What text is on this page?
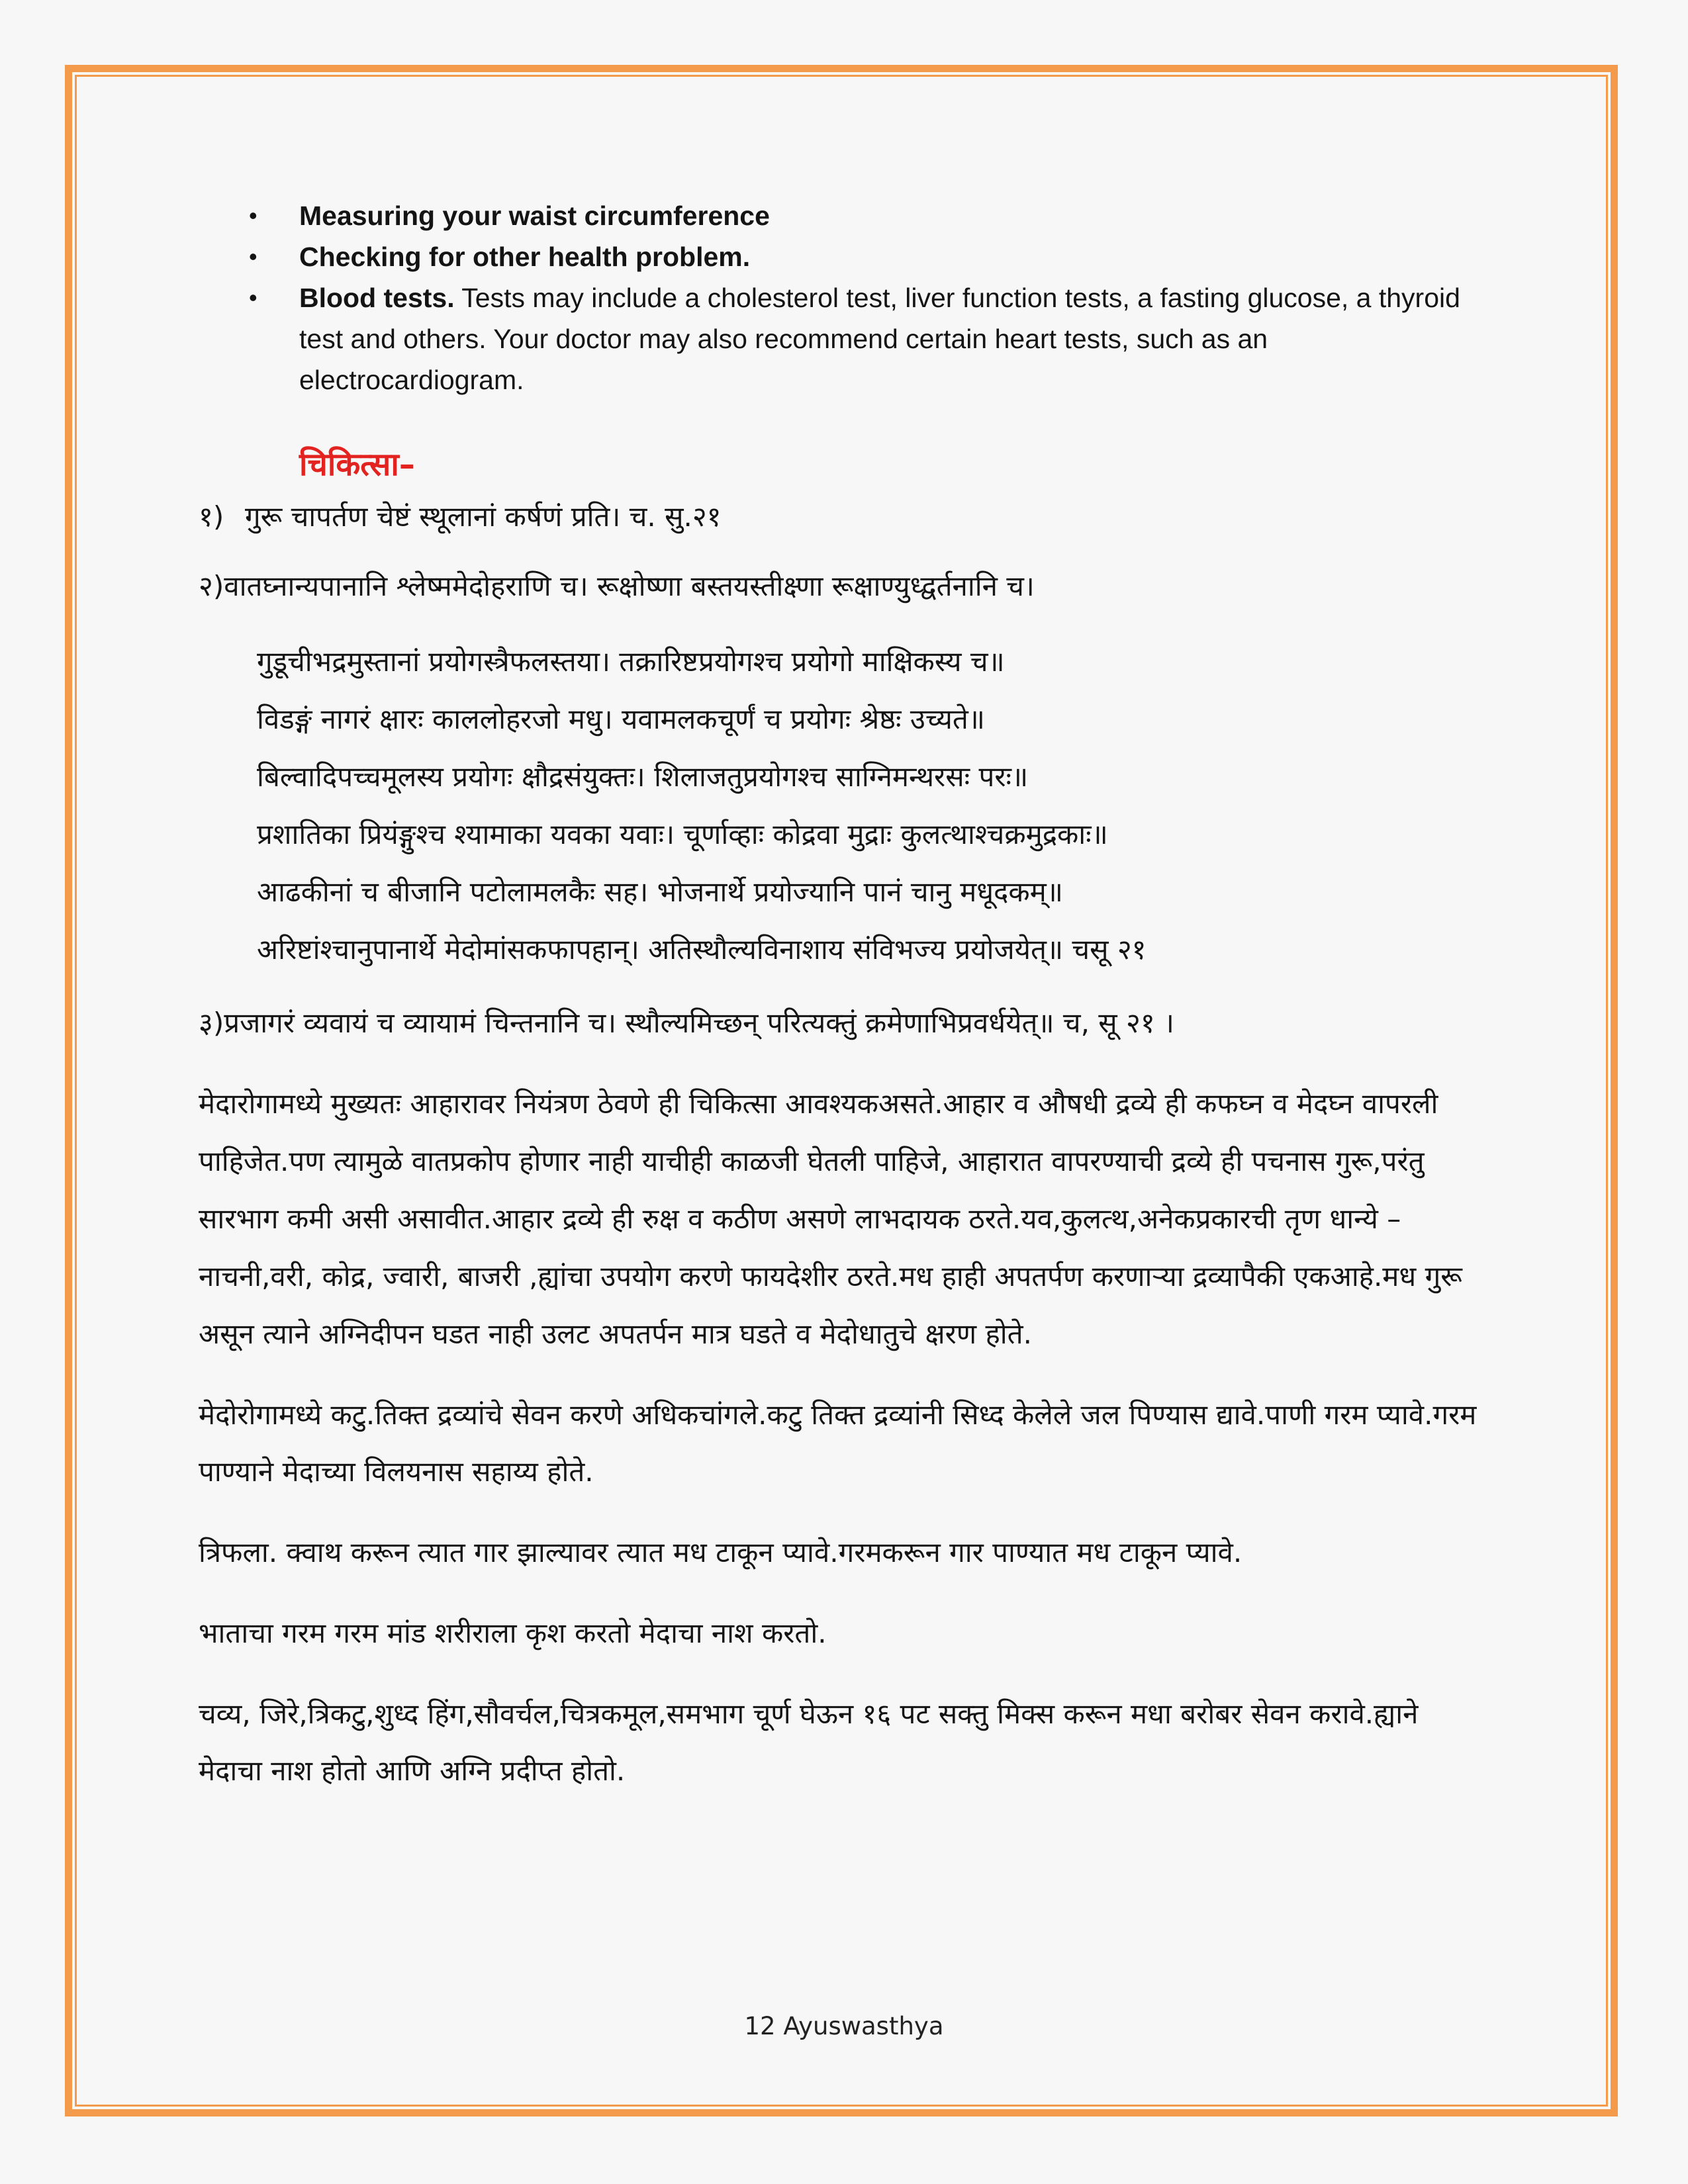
• Measuring your waist circumference
• Checking for other health problem.
• Blood tests. Tests may include a cholesterol test, liver function tests, a fasting glucose, a thyroid test and others. Your doctor may also recommend certain heart tests, such as an electrocardiogram.
चिकित्सा–
१) गुरू चापर्तण चेष्टं स्थूलानां कर्षणं प्रति। च. सु.२१

२)वातघ्नान्यपानानि श्लेष्ममेदोहराणि च। रूक्षोष्णा बस्तयस्तीक्ष्णा रूक्षाण्युध्द्वर्तनानि च।

गुडूचीभद्रमुस्तानां प्रयोगस्त्रैफलस्तया। तक्रारिष्टप्रयोगश्च प्रयोगो माक्षिकस्य च॥

विडङ्गं नागरं क्षारः काललोहरजो मधु। यवामलकचूर्णं च प्रयोगः श्रेष्ठः उच्यते॥

बिल्वादिपच्चमूलस्य प्रयोगः क्षौद्रसंयुक्तः। शिलाजतुप्रयोगश्च साग्निमन्थरसः परः॥

प्रशातिका प्रियंङ्गुश्च श्यामाका यवका यवाः। चूर्णाव्हाः कोद्रवा मुद्राः कुलत्थाश्चक्रमुद्रकाः॥

आढकीनां च बीजानि पटोलामलकैः सह। भोजनार्थे प्रयोज्यानि पानं चानु मधूदकम्॥

अरिष्टांश्चानुपानार्थे मेदोमांसकफापहान्। अतिस्थौल्यविनाशाय संविभज्य प्रयोजयेत्॥ चसू २१

३)प्रजागरं व्यवायं च व्यायामं चिन्तनानि च। स्थौल्यमिच्छन् परित्यक्तुं क्रमेणाभिप्रवर्धयेत्॥ च, सू २१ ।

मेदारोगामध्ये मुख्यतः आहारावर नियंत्रण ठेवणे ही चिकित्सा आवश्यकअसते.आहार व औषधी द्रव्ये ही कफघ्न व मेदघ्न वापरली पाहिजेत.पण त्यामुळे वातप्रकोप होणार नाही याचीही काळजी घेतली पाहिजे, आहारात वापरण्याची द्रव्ये ही पचनास गुरू,परंतु सारभाग कमी असी असावीत.आहार द्रव्ये ही रुक्ष व कठीण असणे लाभदायक ठरते.यव,कुलत्थ,अनेकप्रकारची तृण धान्ये –नाचनी,वरी, कोद्र, ज्वारी, बाजरी ,ह्यांचा उपयोग करणे फायदेशीर ठरते.मध हाही अपतर्पण करणाऱ्या द्रव्यापैकी एकआहे.मध गुरू असून त्याने अग्निदीपन घडत नाही उलट अपतर्पन मात्र घडते व मेदोधातुचे क्षरण होते.

मेदोरोगामध्ये कटु.तिक्त द्रव्यांचे सेवन करणे अधिकचांगले.कटु तिक्त द्रव्यांनी सिध्द केलेले जल पिण्यास द्यावे.पाणी गरम प्यावे.गरम पाण्याने मेदाच्या विलयनास सहाय्य होते.

त्रिफला. क्वाथ करून त्यात गार झाल्यावर त्यात मध टाकून प्यावे.गरमकरून गार पाण्यात मध टाकून प्यावे.

भाताचा गरम गरम मांड शरीराला कृश करतो मेदाचा नाश करतो.

चव्य, जिरे,त्रिकटु,शुध्द हिंग,सौवर्चल,चित्रकमूल,समभाग चूर्ण घेऊन १६ पट सक्तु मिक्स करून मधा बरोबर सेवन करावे.ह्याने मेदाचा नाश होतो आणि अग्नि प्रदीप्त होतो.

12 Ayuswasthya
